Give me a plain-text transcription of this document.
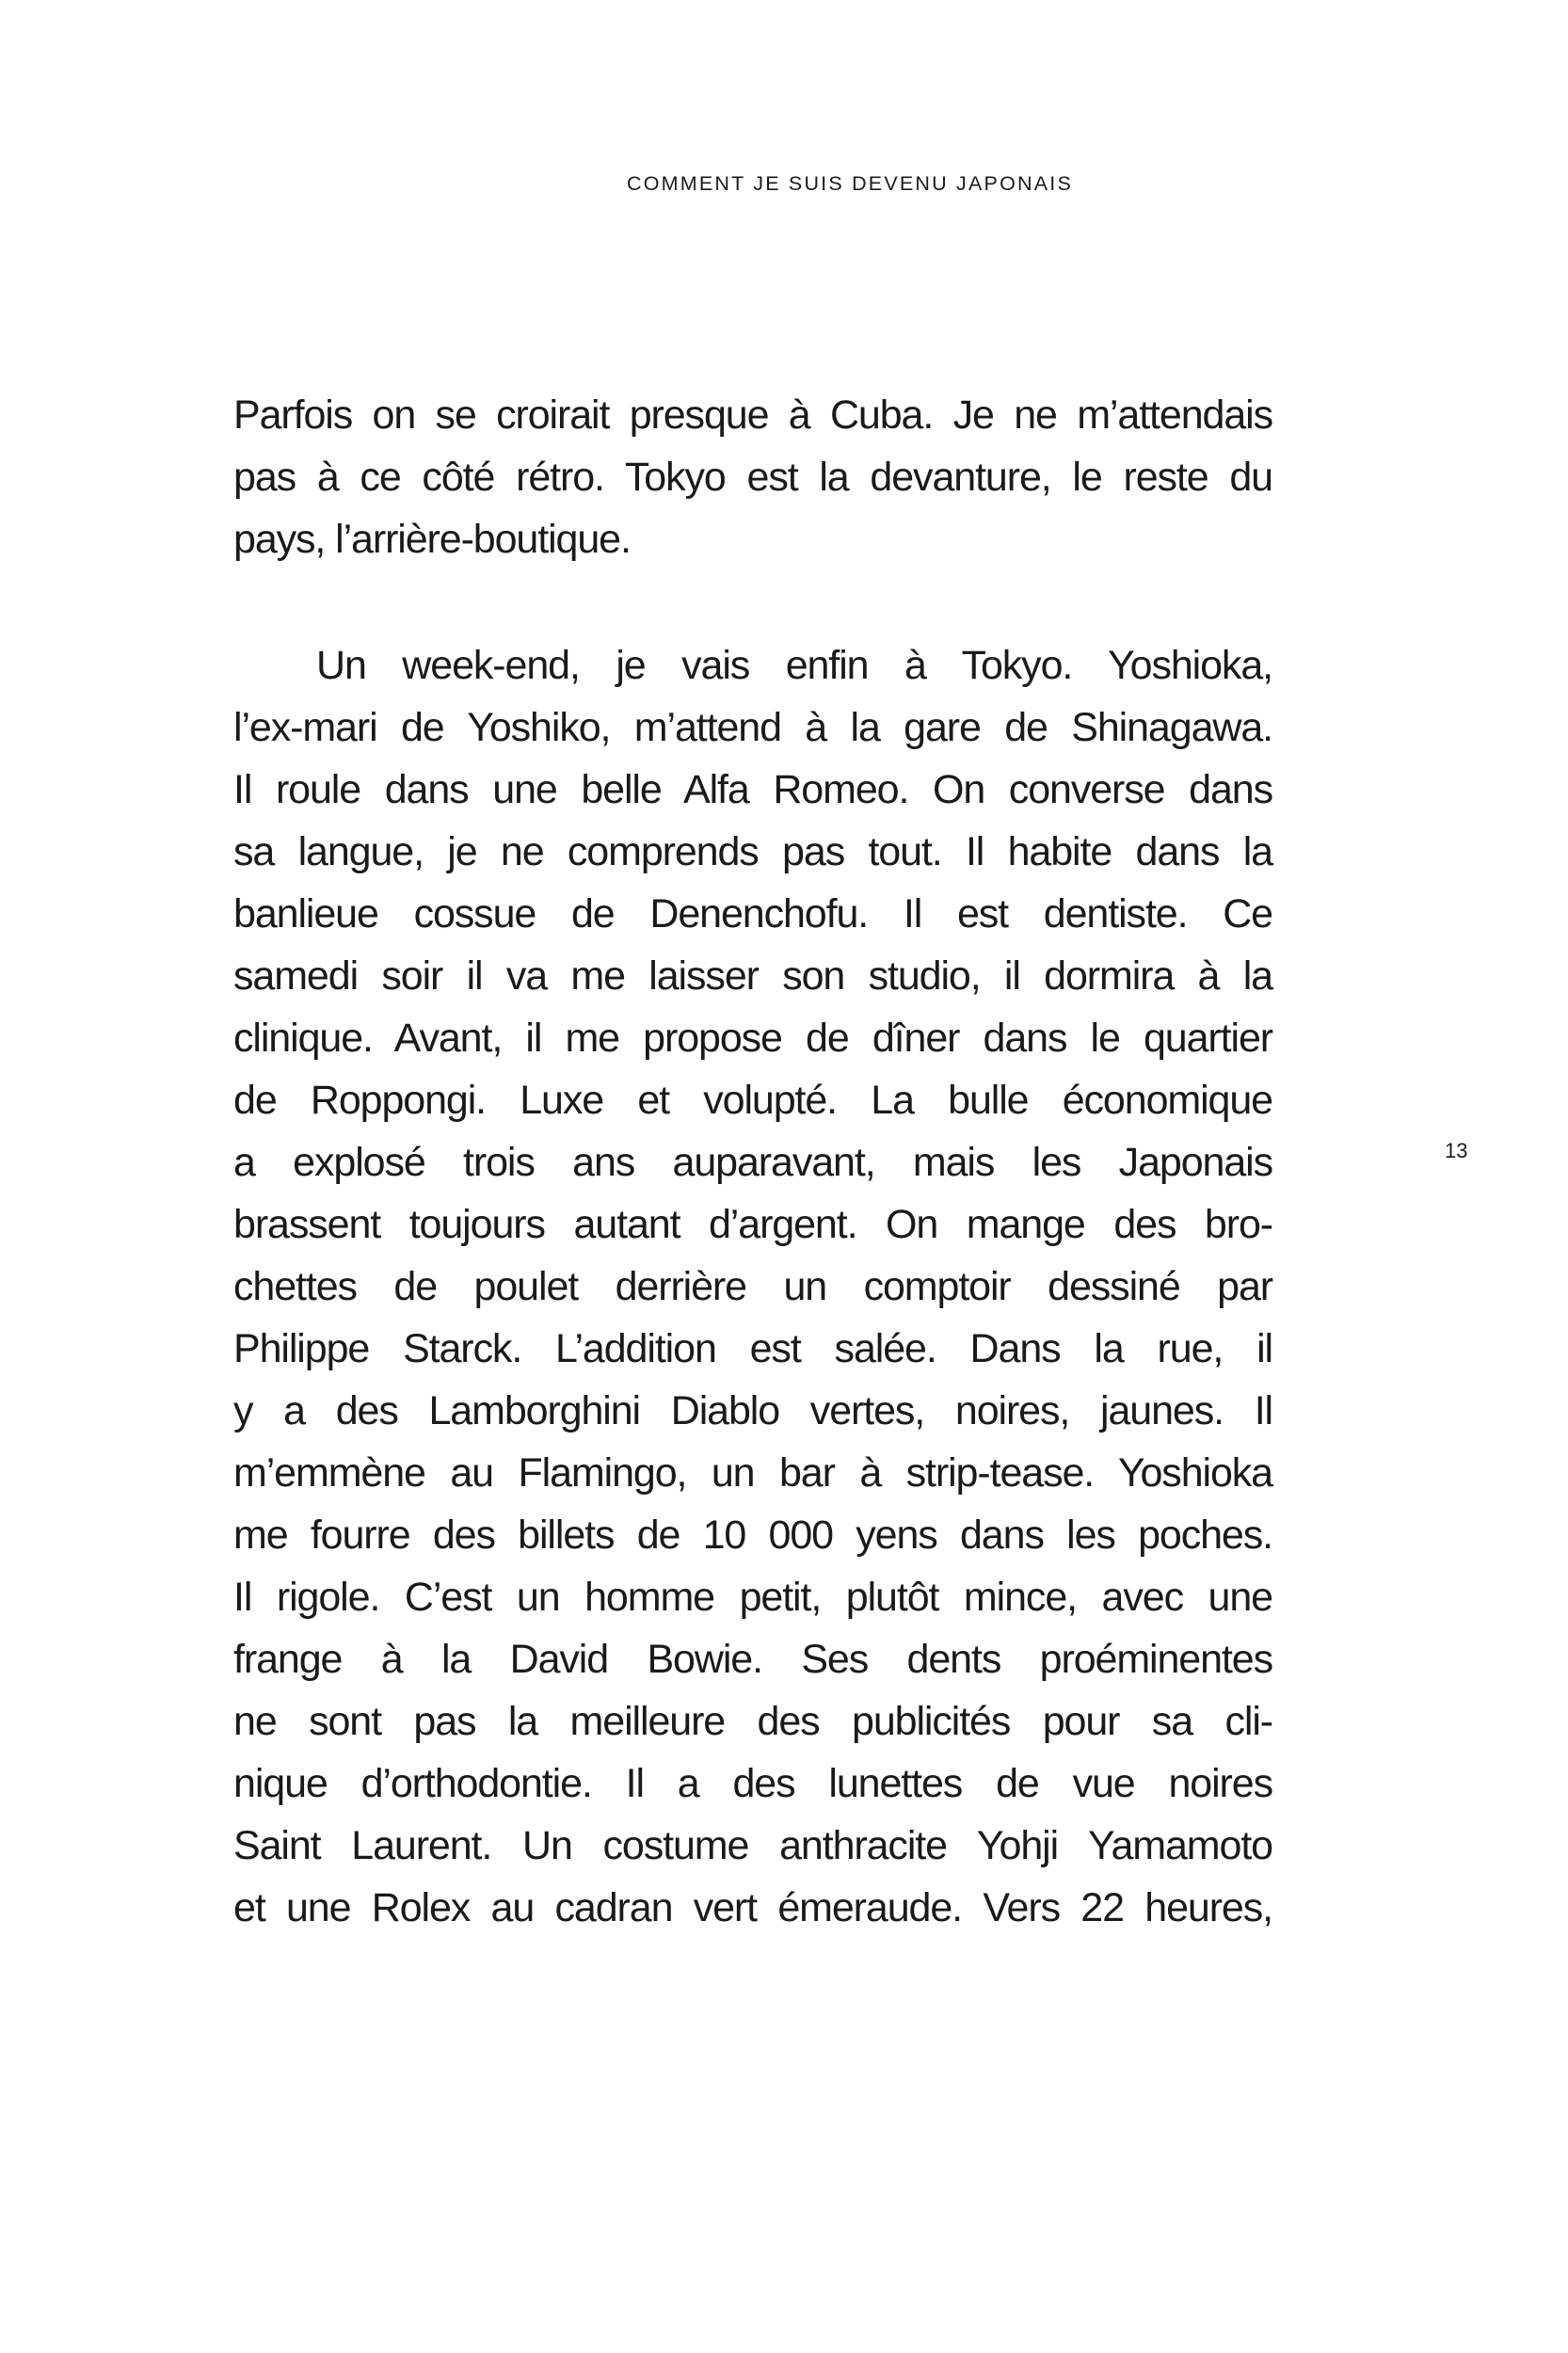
COMMENT JE SUIS DEVENU JAPONAIS
13
Parfois on se croirait presque à Cuba. Je ne m’attendais
pas à ce côté rétro. Tokyo est la devanture, le reste du
pays, l’arrière-boutique.
Un week-end, je vais enfin à Tokyo. Yoshioka,
l’ex-mari de Yoshiko, m’attend à la gare de Shinagawa.
Il roule dans une belle Alfa Romeo. On converse dans
sa langue, je ne comprends pas tout. Il habite dans la
banlieue cossue de Denenchofu. Il est dentiste. Ce
samedi soir il va me laisser son studio, il dormira à la
clinique. Avant, il me propose de dîner dans le quartier
de Roppongi. Luxe et volupté. La bulle économique
a explosé trois ans auparavant, mais les Japonais
brassent toujours autant d’argent. On mange des bro-
chettes de poulet derrière un comptoir dessiné par
Philippe Starck. L’addition est salée. Dans la rue, il
y a des Lamborghini Diablo vertes, noires, jaunes. Il
m’emmène au Flamingo, un bar à strip-tease. Yoshioka
me fourre des billets de 10 000 yens dans les poches.
Il rigole. C’est un homme petit, plutôt mince, avec une
frange à la David Bowie. Ses dents proéminentes
ne sont pas la meilleure des publicités pour sa cli-
nique d’orthodontie. Il a des lunettes de vue noires
Saint Laurent. Un costume anthracite Yohji Yamamoto
et une Rolex au cadran vert émeraude. Vers 22 heures,
